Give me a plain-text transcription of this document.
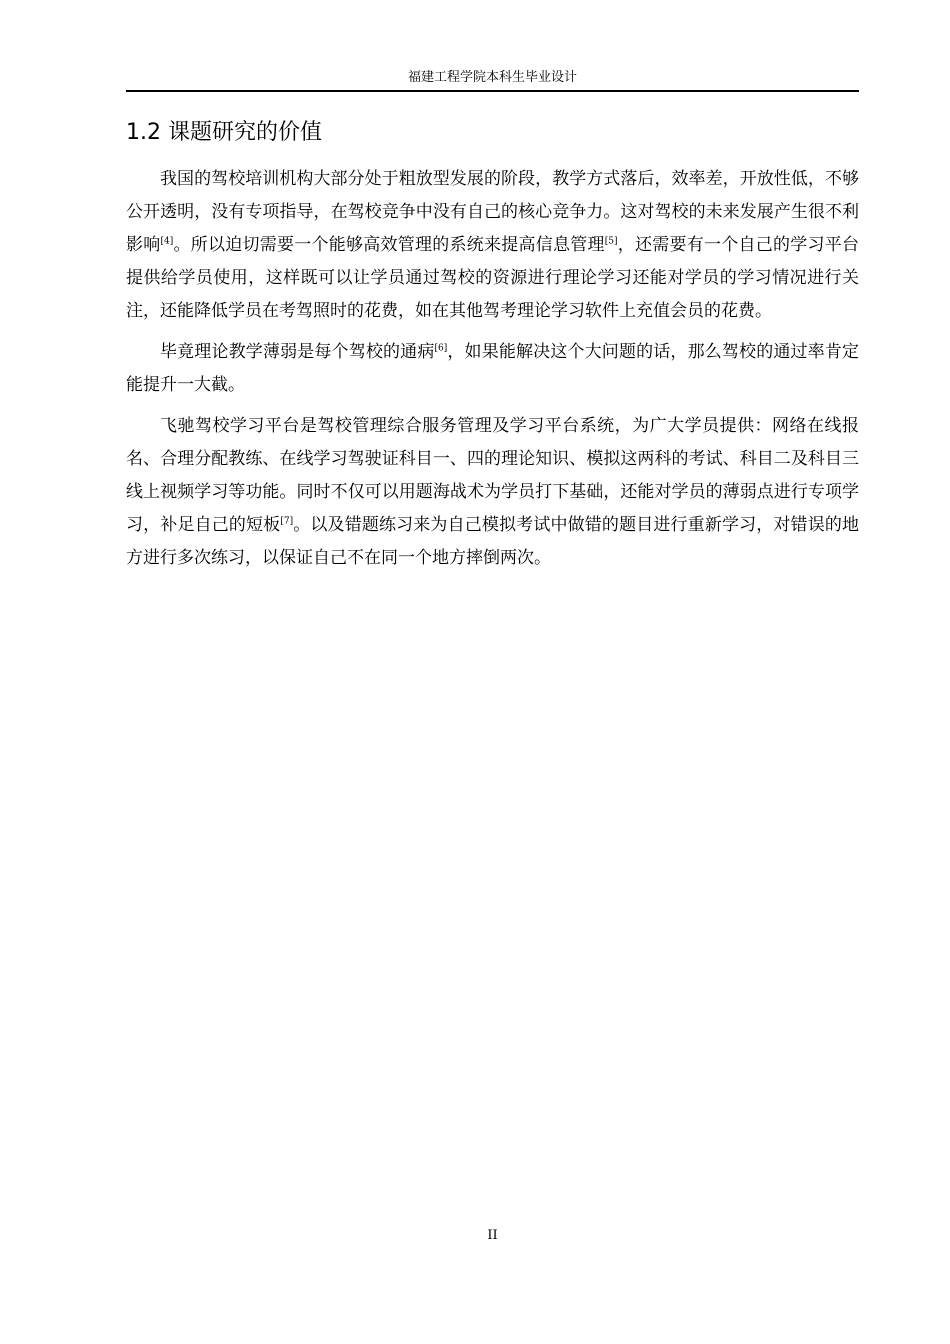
福建工程学院本科生毕业设计
1.2 课题研究的价值

我国的驾校培训机构大部分处于粗放型发展的阶段，教学方式落后，效率差，开放性低，不够公开透明，没有专项指导，在驾校竞争中没有自己的核心竞争力。这对驾校的未来发展产生很不利影响[4]。所以迫切需要一个能够高效管理的系统来提高信息管理[5]，还需要有一个自己的学习平台提供给学员使用，这样既可以让学员通过驾校的资源进行理论学习还能对学员的学习情况进行关注，还能降低学员在考驾照时的花费，如在其他驾考理论学习软件上充值会员的花费。

毕竟理论教学薄弱是每个驾校的通病[6]，如果能解决这个大问题的话，那么驾校的通过率肯定能提升一大截。

飞驰驾校学习平台是驾校管理综合服务管理及学习平台系统，为广大学员提供：网络在线报名、合理分配教练、在线学习驾驶证科目一、四的理论知识、模拟这两科的考试、科目二及科目三线上视频学习等功能。同时不仅可以用题海战术为学员打下基础，还能对学员的薄弱点进行专项学习，补足自己的短板[7]。以及错题练习来为自己模拟考试中做错的题目进行重新学习，对错误的地方进行多次练习，以保证自己不在同一个地方摔倒两次。

II
